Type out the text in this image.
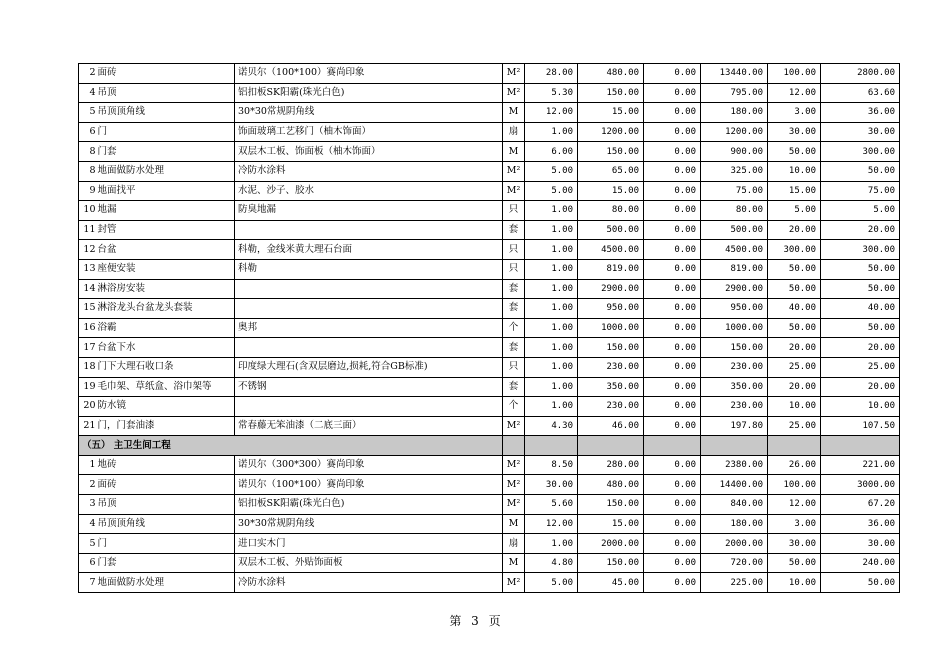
2	面砖	诺贝尔（100*100）赛尚印象	M²	28.00	480.00	0.00	13440.00	100.00	2800.00
4	吊顶	铝扣板SK阳霸(珠光白色)	M²	5.30	150.00	0.00	795.00	12.00	63.60
5	吊顶顶角线	30*30常规阴角线	M	12.00	15.00	0.00	180.00	3.00	36.00
6	门	饰面玻璃工艺移门（柚木饰面）	扇	1.00	1200.00	0.00	1200.00	30.00	30.00
8	门套	双层木工板、饰面板（柚木饰面）	M	6.00	150.00	0.00	900.00	50.00	300.00
8	地面做防水处理	冷防水涂料	M²	5.00	65.00	0.00	325.00	10.00	50.00
9	地面找平	水泥、沙子、胶水	M²	5.00	15.00	0.00	75.00	15.00	75.00
10	地漏	防臭地漏	只	1.00	80.00	0.00	80.00	5.00	5.00
11	封管		套	1.00	500.00	0.00	500.00	20.00	20.00
12	台盆	科勒，金线米黄大理石台面	只	1.00	4500.00	0.00	4500.00	300.00	300.00
13	座便安装	科勒	只	1.00	819.00	0.00	819.00	50.00	50.00
14	淋浴房安装		套	1.00	2900.00	0.00	2900.00	50.00	50.00
15	淋浴龙头台盆龙头套装		套	1.00	950.00	0.00	950.00	40.00	40.00
16	浴霸	奥邦	个	1.00	1000.00	0.00	1000.00	50.00	50.00
17	台盆下水		套	1.00	150.00	0.00	150.00	20.00	20.00
18	门下大理石收口条	印度绿大理石(含双层磨边,损耗,符合GB标准)	只	1.00	230.00	0.00	230.00	25.00	25.00
19	毛巾架、草纸盒、浴巾架等	不锈钢	套	1.00	350.00	0.00	350.00	20.00	20.00
20	防水镜		个	1.00	230.00	0.00	230.00	10.00	10.00
21	门，门套油漆	常春藤无笨油漆（二底三面）	M²	4.30	46.00	0.00	197.80	25.00	107.50
（五） 主卫生间工程									
1	地砖	诺贝尔（300*300）赛尚印象	M²	8.50	280.00	0.00	2380.00	26.00	221.00
2	面砖	诺贝尔（100*100）赛尚印象	M²	30.00	480.00	0.00	14400.00	100.00	3000.00
3	吊顶	铝扣板SK阳霸(珠光白色)	M²	5.60	150.00	0.00	840.00	12.00	67.20
4	吊顶顶角线	30*30常规阴角线	M	12.00	15.00	0.00	180.00	3.00	36.00
5	门	进口实木门	扇	1.00	2000.00	0.00	2000.00	30.00	30.00
6	门套	双层木工板、外贴饰面板	M	4.80	150.00	0.00	720.00	50.00	240.00
7	地面做防水处理	冷防水涂料	M²	5.00	45.00	0.00	225.00	10.00	50.00
第 3 页
